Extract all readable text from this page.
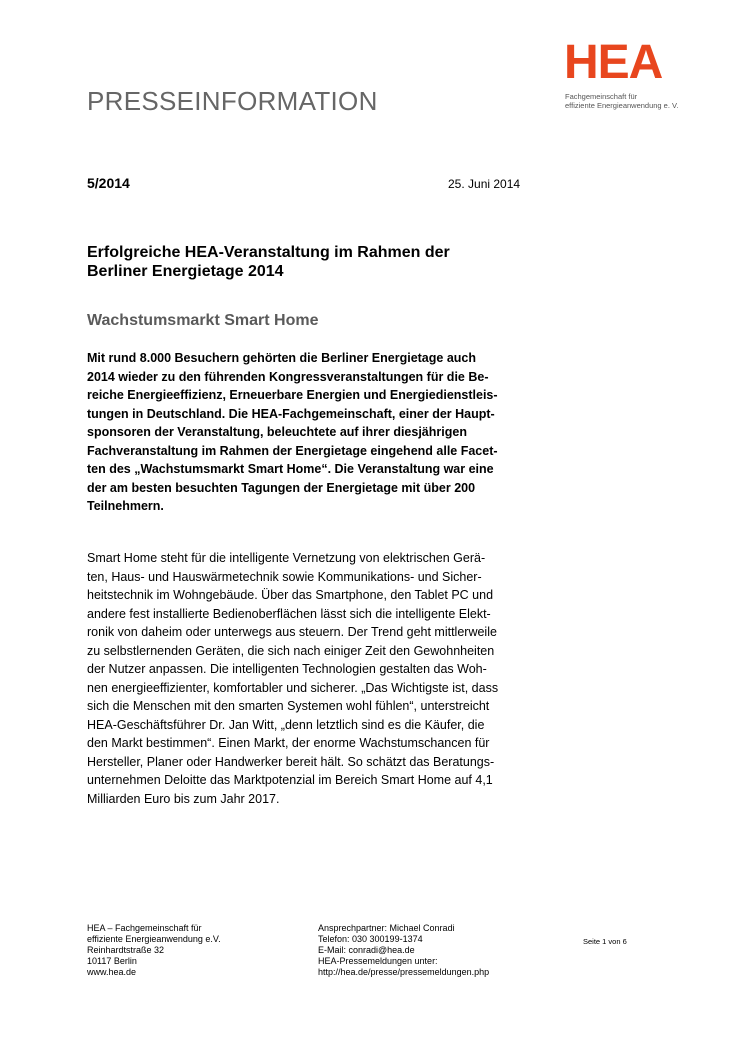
HEA
Fachgemeinschaft für
effiziente Energieanwendung e. V.
PRESSEINFORMATION
5/2014	25. Juni 2014
Erfolgreiche HEA-Veranstaltung im Rahmen der
Berliner Energietage 2014
Wachstumsmarkt Smart Home
Mit rund 8.000 Besuchern gehörten die Berliner Energietage auch
2014 wieder zu den führenden Kongressveranstaltungen für die Be-
reiche Energieeffizienz, Erneuerbare Energien und Energiedienstleis-
tungen in Deutschland. Die HEA-Fachgemeinschaft, einer der Haupt-
sponsoren der Veranstaltung, beleuchtete auf ihrer diesjährigen
Fachveranstaltung im Rahmen der Energietage eingehend alle Facet-
ten des „Wachstumsmarkt Smart Home“. Die Veranstaltung war eine
der am besten besuchten Tagungen der Energietage mit über 200
Teilnehmern.
Smart Home steht für die intelligente Vernetzung von elektrischen Gerä-
ten, Haus- und Hauswärmetechnik sowie Kommunikations- und Sicher-
heitstechnik im Wohngebäude. Über das Smartphone, den Tablet PC und
andere fest installierte Bedienoberflächen lässt sich die intelligente Elekt-
ronik von daheim oder unterwegs aus steuern. Der Trend geht mittlerweile
zu selbstlernenden Geräten, die sich nach einiger Zeit den Gewohnheiten
der Nutzer anpassen. Die intelligenten Technologien gestalten das Woh-
nen energieeffizienter, komfortabler und sicherer. „Das Wichtigste ist, dass
sich die Menschen mit den smarten Systemen wohl fühlen“, unterstreicht
HEA-Geschäftsführer Dr. Jan Witt, „denn letztlich sind es die Käufer, die
den Markt bestimmen“. Einen Markt, der enorme Wachstumschancen für
Hersteller, Planer oder Handwerker bereit hält. So schätzt das Beratungs-
unternehmen Deloitte das Marktpotenzial im Bereich Smart Home auf 4,1
Milliarden Euro bis zum Jahr 2017.
HEA – Fachgemeinschaft für
effiziente Energieanwendung e.V.
Reinhardtstraße 32
10117 Berlin
www.hea.de
Ansprechpartner: Michael Conradi
Telefon: 030 300199-1374
E-Mail: conradi@hea.de
HEA-Pressemeldungen unter:
http://hea.de/presse/pressemeldungen.php
Seite 1 von 6
